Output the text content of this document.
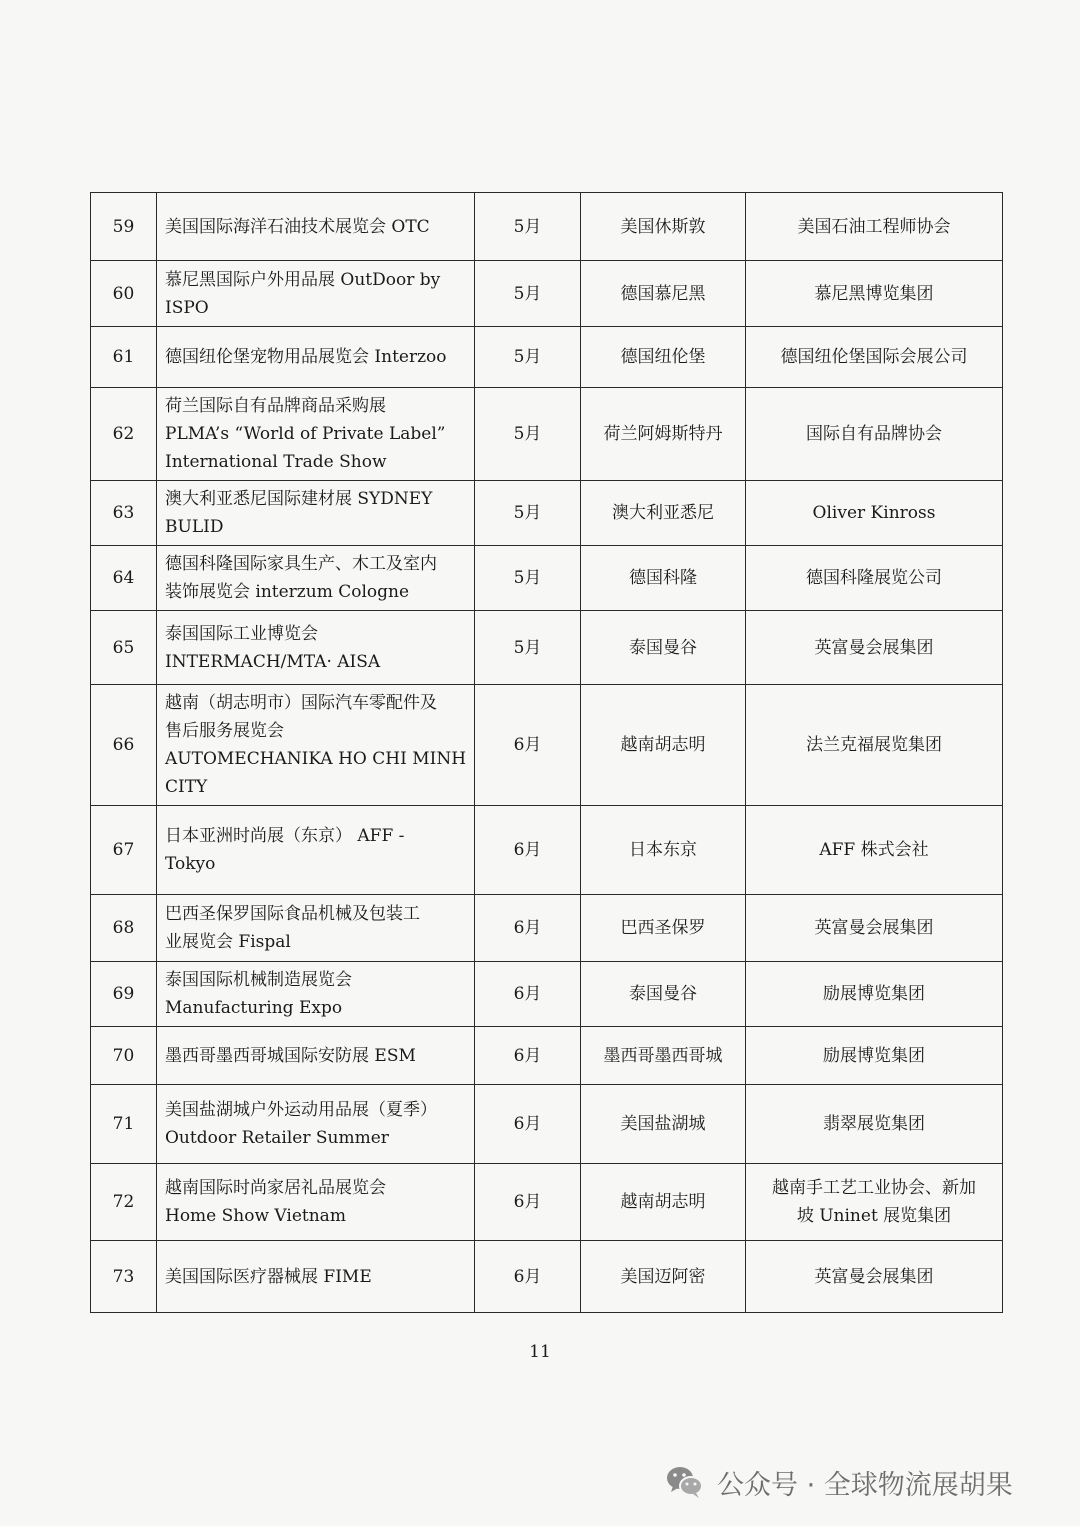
59	美国国际海洋石油技术展览会 OTC	5月	美国休斯敦	美国石油工程师协会

60	慕尼黑国际户外用品展 OutDoor by
ISPO	5月	德国慕尼黑	慕尼黑博览集团

61	德国纽伦堡宠物用品展览会 Interzoo	5月	德国纽伦堡	德国纽伦堡国际会展公司

62	荷兰国际自有品牌商品采购展
PLMA’s “World of Private Label”
International Trade Show	5月	荷兰阿姆斯特丹	国际自有品牌协会

63	澳大利亚悉尼国际建材展 SYDNEY
BULID	5月	澳大利亚悉尼	Oliver Kinross

64	德国科隆国际家具生产、木工及室内
装饰展览会 interzum Cologne	5月	德国科隆	德国科隆展览公司

65	泰国国际工业博览会
INTERMACH/MTA· AISA	5月	泰国曼谷	英富曼会展集团

66	越南（胡志明市）国际汽车零配件及
售后服务展览会
AUTOMECHANIKA HO CHI MINH
CITY	6月	越南胡志明	法兰克福展览集团

67	日本亚洲时尚展（东京） AFF -
Tokyo	6月	日本东京	AFF 株式会社

68	巴西圣保罗国际食品机械及包装工
业展览会 Fispal	6月	巴西圣保罗	英富曼会展集团

69	泰国国际机械制造展览会
Manufacturing Expo	6月	泰国曼谷	励展博览集团

70	墨西哥墨西哥城国际安防展 ESM	6月	墨西哥墨西哥城	励展博览集团

71	美国盐湖城户外运动用品展（夏季）
Outdoor Retailer Summer	6月	美国盐湖城	翡翠展览集团

72	越南国际时尚家居礼品展览会
Home Show Vietnam	6月	越南胡志明	越南手工艺工业协会、新加
坡 Uninet 展览集团

73	美国国际医疗器械展 FIME	6月	美国迈阿密	英富曼会展集团
11
公众号 · 全球物流展胡果
